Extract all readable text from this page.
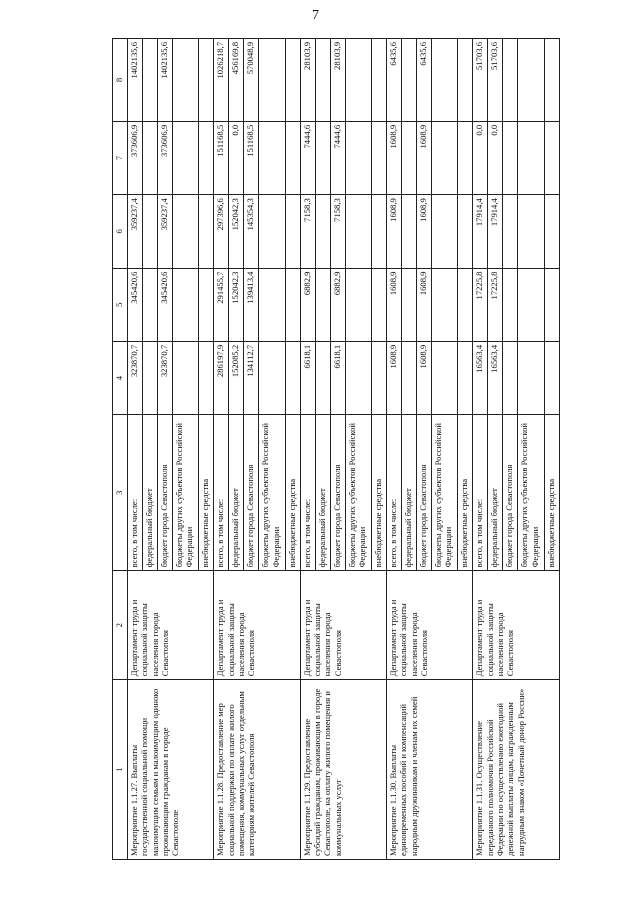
7
1	2	3	4	5	6	7	8
Мероприятие 1.1.27. Выплаты государственной социальной помощи малоимущим семьям и малоимущим одиноко проживающим гражданам в городе Севастополе	Департамент труда и социальной защиты населения города Севастополя	всего, в том числе:	323870,7	345420,6	359237,4	373606,9	1402135,6
		федеральный бюджет					
		бюджет города Севастополя	323870,7	345420,6	359237,4	373606,9	1402135,6
		бюджеты других субъектов Российской Федерации					
		внебюджетные средства					
Мероприятие 1.1.28. Предоставление мер социальной поддержки по оплате жилого помещения, коммунальных услуг отдельным категориям жителей Севастополя	Департамент труда и социальной защиты населения города Севастополя	всего, в том числе:	286197,9	291455,7	297396,6	151168,5	1026218,7
		федеральный бюджет	152085,2	152042,3	152042,3	0,0	456169,8
		бюджет города Севастополя	134112,7	139413,4	145354,3	151168,5	570048,9
		бюджеты других субъектов Российской Федерации					
		внебюджетные средства					
Мероприятие 1.1.29. Предоставление субсидий гражданам, проживающим в городе Севастополе, на оплату жилого помещения и коммунальных услуг	Департамент труда и социальной защиты населения города Севастополя	всего, в том числе:	6618,1	6882,9	7158,3	7444,6	28103,9
		федеральный бюджет					
		бюджет города Севастополя	6618,1	6882,9	7158,3	7444,6	28103,9
		бюджеты других субъектов Российской Федерации					
		внебюджетные средства					
Мероприятие 1.1.30. Выплаты единовременных пособий и компенсаций народным дружинникам и членам их семей	Департамент труда и социальной защиты населения города Севастополя	всего, в том числе:	1608,9	1608,9	1608,9	1608,9	6435,6
		федеральный бюджет					
		бюджет города Севастополя	1608,9	1608,9	1608,9	1608,9	6435,6
		бюджеты других субъектов Российской Федерации					
		внебюджетные средства					
Мероприятие 1.1.31. Осуществление переданного полномочия Российской Федерации по осуществлению ежегодной денежной выплаты лицам, награжденным нагрудным знаком «Почетный донор России»	Департамент труда и социальной защиты населения города Севастополя	всего, в том числе:	16563,4	17225,8	17914,4	0,0	51703,6
		федеральный бюджет	16563,4	17225,8	17914,4	0,0	51703,6
		бюджет города Севастополя					
		бюджеты других субъектов Российской Федерации					
		внебюджетные средства					
